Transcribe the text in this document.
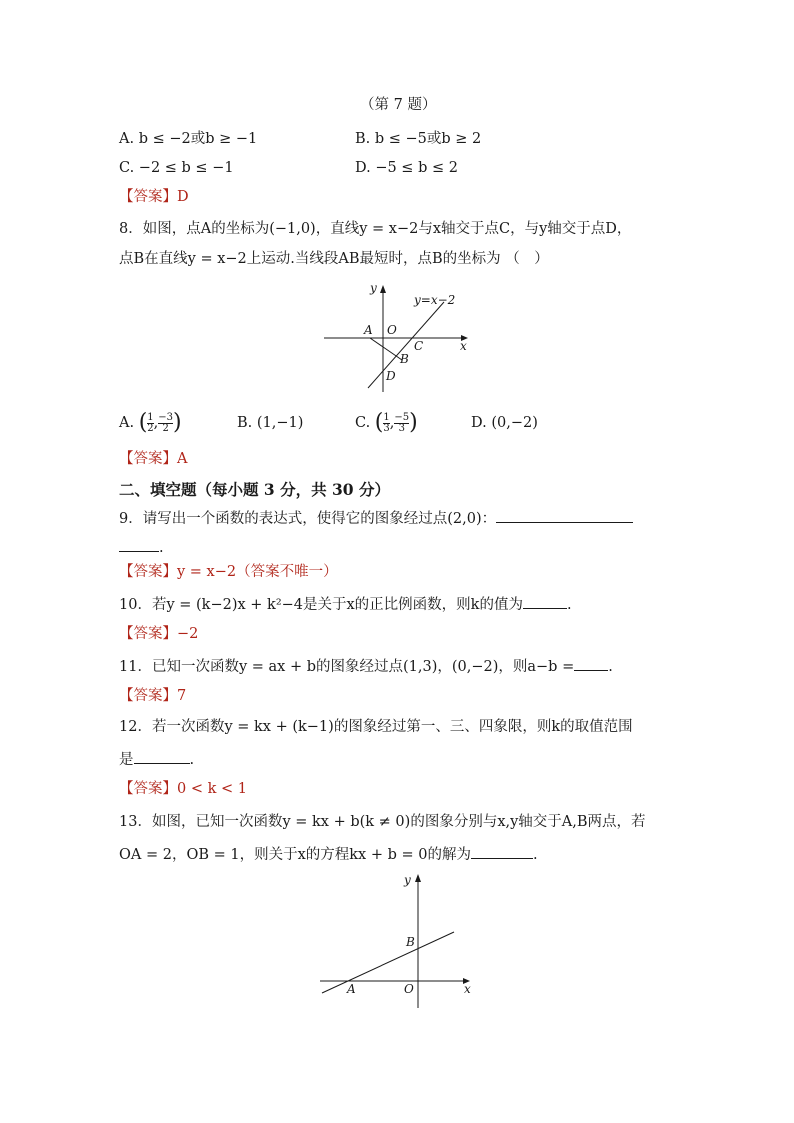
（第 7 题）
A. b ≤ −2或b ≥ −1	B. b ≤ −5或b ≥ 2
C. −2 ≤ b ≤ −1	D. −5 ≤ b ≤ 2
【答案】D
8．如图，点A的坐标为(−1,0)，直线y = x−2与x轴交于点C，与y轴交于点D，
点B在直线y = x−2上运动.当线段AB最短时，点B的坐标为 （　）
y
y=x−2
A O
C	x
B
D
A. ( $\frac{1}{2}$ , $\frac{-3}{2}$ )	B. (1,−1)	C. ( $\frac{1}{3}$ , $\frac{-5}{3}$ )	D. (0,−2)
【答案】A
二、填空题（每小题 3 分，共 30 分）
9．请写出一个函数的表达式，使得它的图象经过点(2,0)：
.
【答案】y = x−2（答案不唯一）
10．若y = (k−2)x + k²−4是关于x的正比例函数，则k的值为	.
【答案】−2
11．已知一次函数y = ax + b的图象经过点(1,3)，(0,−2)，则a−b = .
【答案】7
12．若一次函数y = kx + (k−1)的图象经过第一、三、四象限，则k的取值范围
是	.
【答案】0 < k < 1
13．如图，已知一次函数y = kx + b(k ≠ 0)的图象分别与x,y轴交于A,B两点，若
OA = 2，OB = 1，则关于x的方程kx + b = 0的解为	.
y
B
A	O	x
